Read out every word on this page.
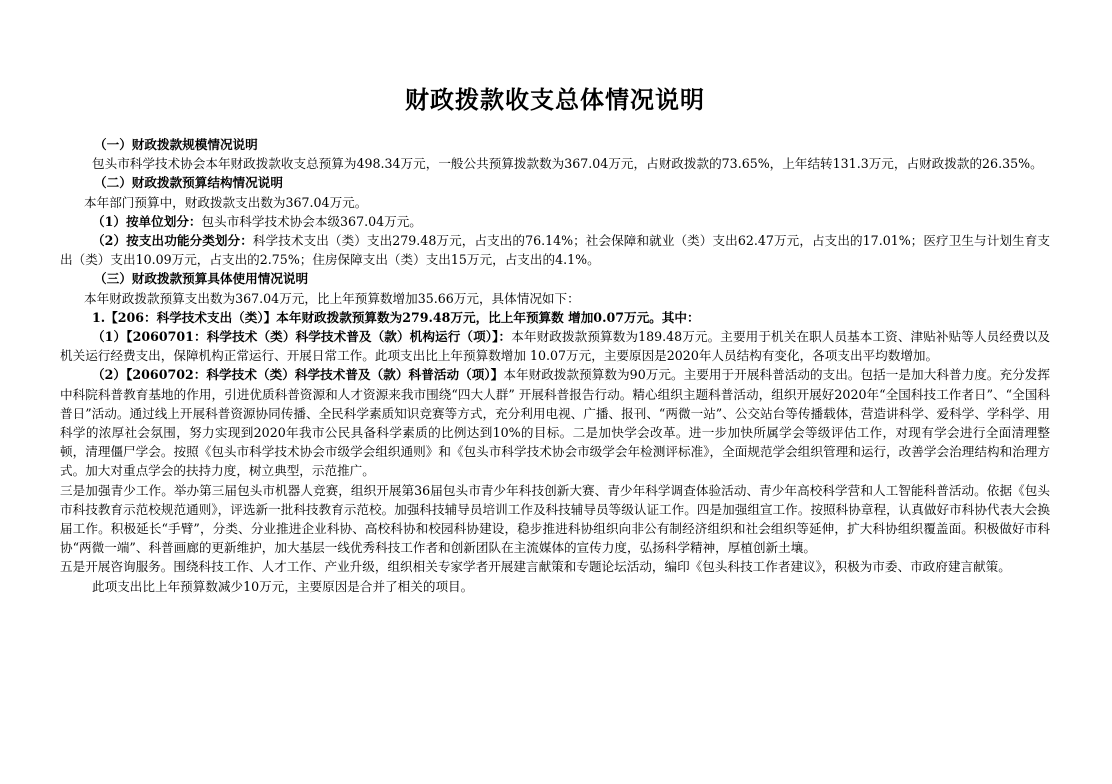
财政拨款收支总体情况说明

（一）财政拨款规模情况说明

包头市科学技术协会本年财政拨款收支总预算为498.34万元，一般公共预算拨款数为367.04万元，占财政拨款的73.65%，上年结转131.3万元，占财政拨款的26.35%。

（二）财政拨款预算结构情况说明

本年部门预算中，财政拨款支出数为367.04万元。

（1）按单位划分：包头市科学技术协会本级367.04万元。

（2）按支出功能分类划分：科学技术支出（类）支出279.48万元，占支出的76.14%；社会保障和就业（类）支出62.47万元，占支出的17.01%；医疗卫生与计划生育支出（类）支出10.09万元，占支出的2.75%；住房保障支出（类）支出15万元，占支出的4.1%。

（三）财政拨款预算具体使用情况说明

本年财政拨款预算支出数为367.04万元，比上年预算数增加35.66万元，具体情况如下：

1.【206：科学技术支出（类）】本年财政拨款预算数为279.48万元，比上年预算数 增加0.07万元。其中：

（1）【2060701：科学技术（类）科学技术普及（款）机构运行（项）】：本年财政拨款预算数为189.48万元。主要用于机关在职人员基本工资、津贴补贴等人员经费以及机关运行经费支出，保障机构正常运行、开展日常工作。此项支出比上年预算数增加 10.07万元，主要原因是2020年人员结构有变化，各项支出平均数增加。

（2）【2060702：科学技术（类）科学技术普及（款）科普活动（项）】本年财政拨款预算数为90万元。主要用于开展科普活动的支出。包括一是加大科普力度。充分发挥中科院科普教育基地的作用，引进优质科普资源和人才资源来我市围绕“四大人群” 开展科普报告行动。精心组织主题科普活动，组织开展好2020年“全国科技工作者日”、“全国科普日”活动。通过线上开展科普资源协同传播、全民科学素质知识竞赛等方式，充分利用电视、广播、报刊、“两微一站”、公交站台等传播载体，营造讲科学、爱科学、学科学、用科学的浓厚社会氛围，努力实现到2020年我市公民具备科学素质的比例达到10%的目标。二是加快学会改革。进一步加快所属学会等级评估工作，对现有学会进行全面清理整顿，清理僵尸学会。按照《包头市科学技术协会市级学会组织通则》和《包头市科学技术协会市级学会年检测评标准》，全面规范学会组织管理和运行，改善学会治理结构和治理方式。加大对重点学会的扶持力度，树立典型，示范推广。

三是加强青少工作。举办第三届包头市机器人竞赛，组织开展第36届包头市青少年科技创新大赛、青少年科学调查体验活动、青少年高校科学营和人工智能科普活动。依据《包头市科技教育示范校规范通则》，评选新一批科技教育示范校。加强科技辅导员培训工作及科技辅导员等级认证工作。四是加强组宣工作。按照科协章程，认真做好市科协代表大会换届工作。积极延长“手臂”，分类、分业推进企业科协、高校科协和校园科协建设，稳步推进科协组织向非公有制经济组织和社会组织等延伸，扩大科协组织覆盖面。积极做好市科协“两微一端”、科普画廊的更新维护，加大基层一线优秀科技工作者和创新团队在主流媒体的宣传力度，弘扬科学精神，厚植创新土壤。

五是开展咨询服务。围绕科技工作、人才工作、产业升级，组织相关专家学者开展建言献策和专题论坛活动，编印《包头科技工作者建议》，积极为市委、市政府建言献策。

此项支出比上年预算数减少10万元，主要原因是合并了相关的项目。
